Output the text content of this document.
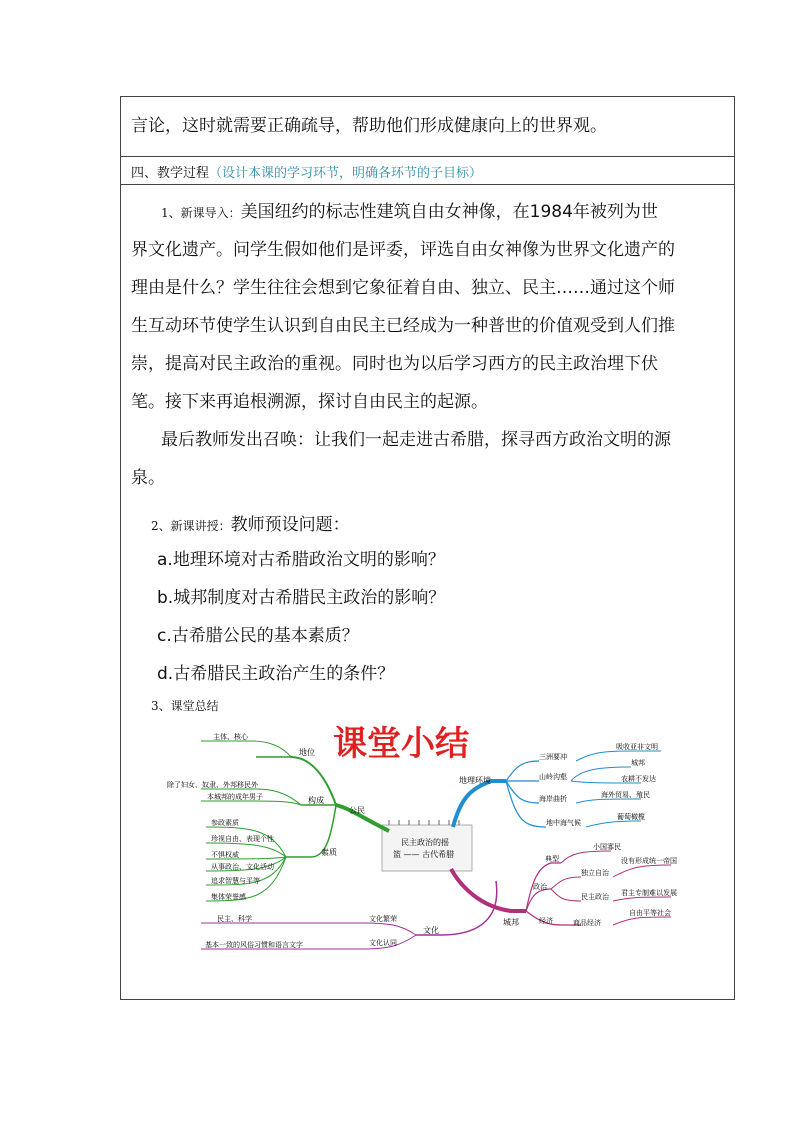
言论，这时就需要正确疏导，帮助他们形成健康向上的世界观。

四、教学过程（设计本课的学习环节，明确各环节的子目标）

1、新课导入：美国纽约的标志性建筑自由女神像，在1984年被列为世

界文化遗产。问学生假如他们是评委，评选自由女神像为世界文化遗产的

理由是什么？学生往往会想到它象征着自由、独立、民主……通过这个师

生互动环节使学生认识到自由民主已经成为一种普世的价值观受到人们推

崇，提高对民主政治的重视。同时也为以后学习西方的民主政治埋下伏

笔。接下来再追根溯源，探讨自由民主的起源。

最后教师发出召唤：让我们一起走进古希腊，探寻西方政治文明的源

泉。

2、新课讲授：教师预设问题：

a.地理环境对古希腊政治文明的影响？

b.城邦制度对古希腊民主政治的影响？

c.古希腊公民的基本素质？

d.古希腊民主政治产生的条件？

3、课堂总结

课堂小结
民主政治的摇
篮 —— 古代希腊
公民
地位
主体、核心
构成
除了妇女、奴隶、外邦移民外
本城邦的成年男子
素质
参政素质
珍视自由、表现个性
不惧权威
从事政治、文化活动
追求智慧与平等
集体荣誉感
文化
文化繁荣
民主、科学
文化认同
基本一致的风俗习惯和语言文字
地理环境
三洲要冲
吸收亚非文明
山岭沟壑
城邦
农耕不发达
海岸曲折	海外贸易、殖民
地中海气候
葡萄橄榄
城邦
典型
小国寡民
政治
独立自治
没有形成统一帝国
民主政治 君主专制难以发展
经济	商品经济
自由平等社会
